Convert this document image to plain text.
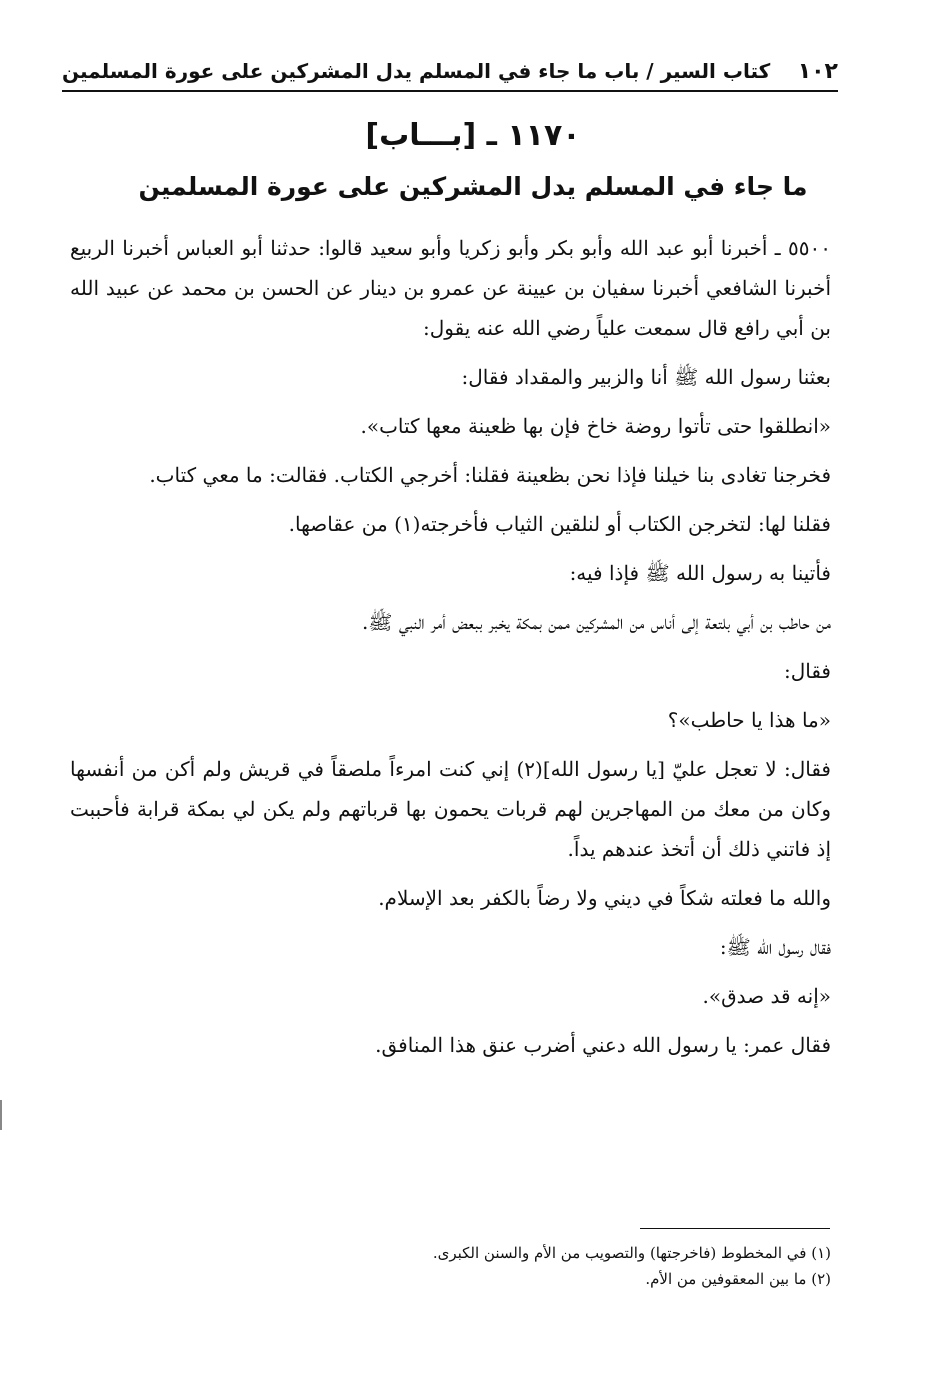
١٠٢
كتاب السير / باب ما جاء في المسلم يدل المشركين على عورة المسلمين
١١٧٠ ـ [بـــاب]
ما جاء في المسلم يدل المشركين على عورة المسلمين

٥٥٠٠ ـ أخبرنا أبو عبد الله وأبو بكر وأبو زكريا وأبو سعيد قالوا: حدثنا أبو العباس أخبرنا الربيع أخبرنا الشافعي أخبرنا سفيان بن عيينة عن عمرو بن دينار عن الحسن بن محمد عن عبيد الله بن أبي رافع قال سمعت علياً رضي الله عنه يقول:

بعثنا رسول الله ﷺ أنا والزبير والمقداد فقال:

«انطلقوا حتى تأتوا روضة خاخ فإن بها ظعينة معها كتاب».

فخرجنا تغادى بنا خيلنا فإذا نحن بظعينة فقلنا: أخرجي الكتاب. فقالت: ما معي كتاب.

فقلنا لها: لتخرجن الكتاب أو لنلقين الثياب فأخرجته(١) من عقاصها.

فأتينا به رسول الله ﷺ فإذا فيه:

من حاطب بن أبي بلتعة إلى أناس من المشركين ممن بمكة يخبر ببعض أمر النبي ﷺ.

فقال:

«ما هذا يا حاطب»؟

فقال: لا تعجل عليّ [يا رسول الله](٢) إني كنت امرءاً ملصقاً في قريش ولم أكن من أنفسها وكان من معك من المهاجرين لهم قربات يحمون بها قرباتهم ولم يكن لي بمكة قرابة فأحببت إذ فاتني ذلك أن أتخذ عندهم يداً.

والله ما فعلته شكاً في ديني ولا رضاً بالكفر بعد الإسلام.

فقال رسول الله ﷺ:

«إنه قد صدق».

فقال عمر: يا رسول الله دعني أضرب عنق هذا المنافق.

(١) في المخطوط (فاخرجتها) والتصويب من الأم والسنن الكبرى.

(٢) ما بين المعقوفين من الأم.
